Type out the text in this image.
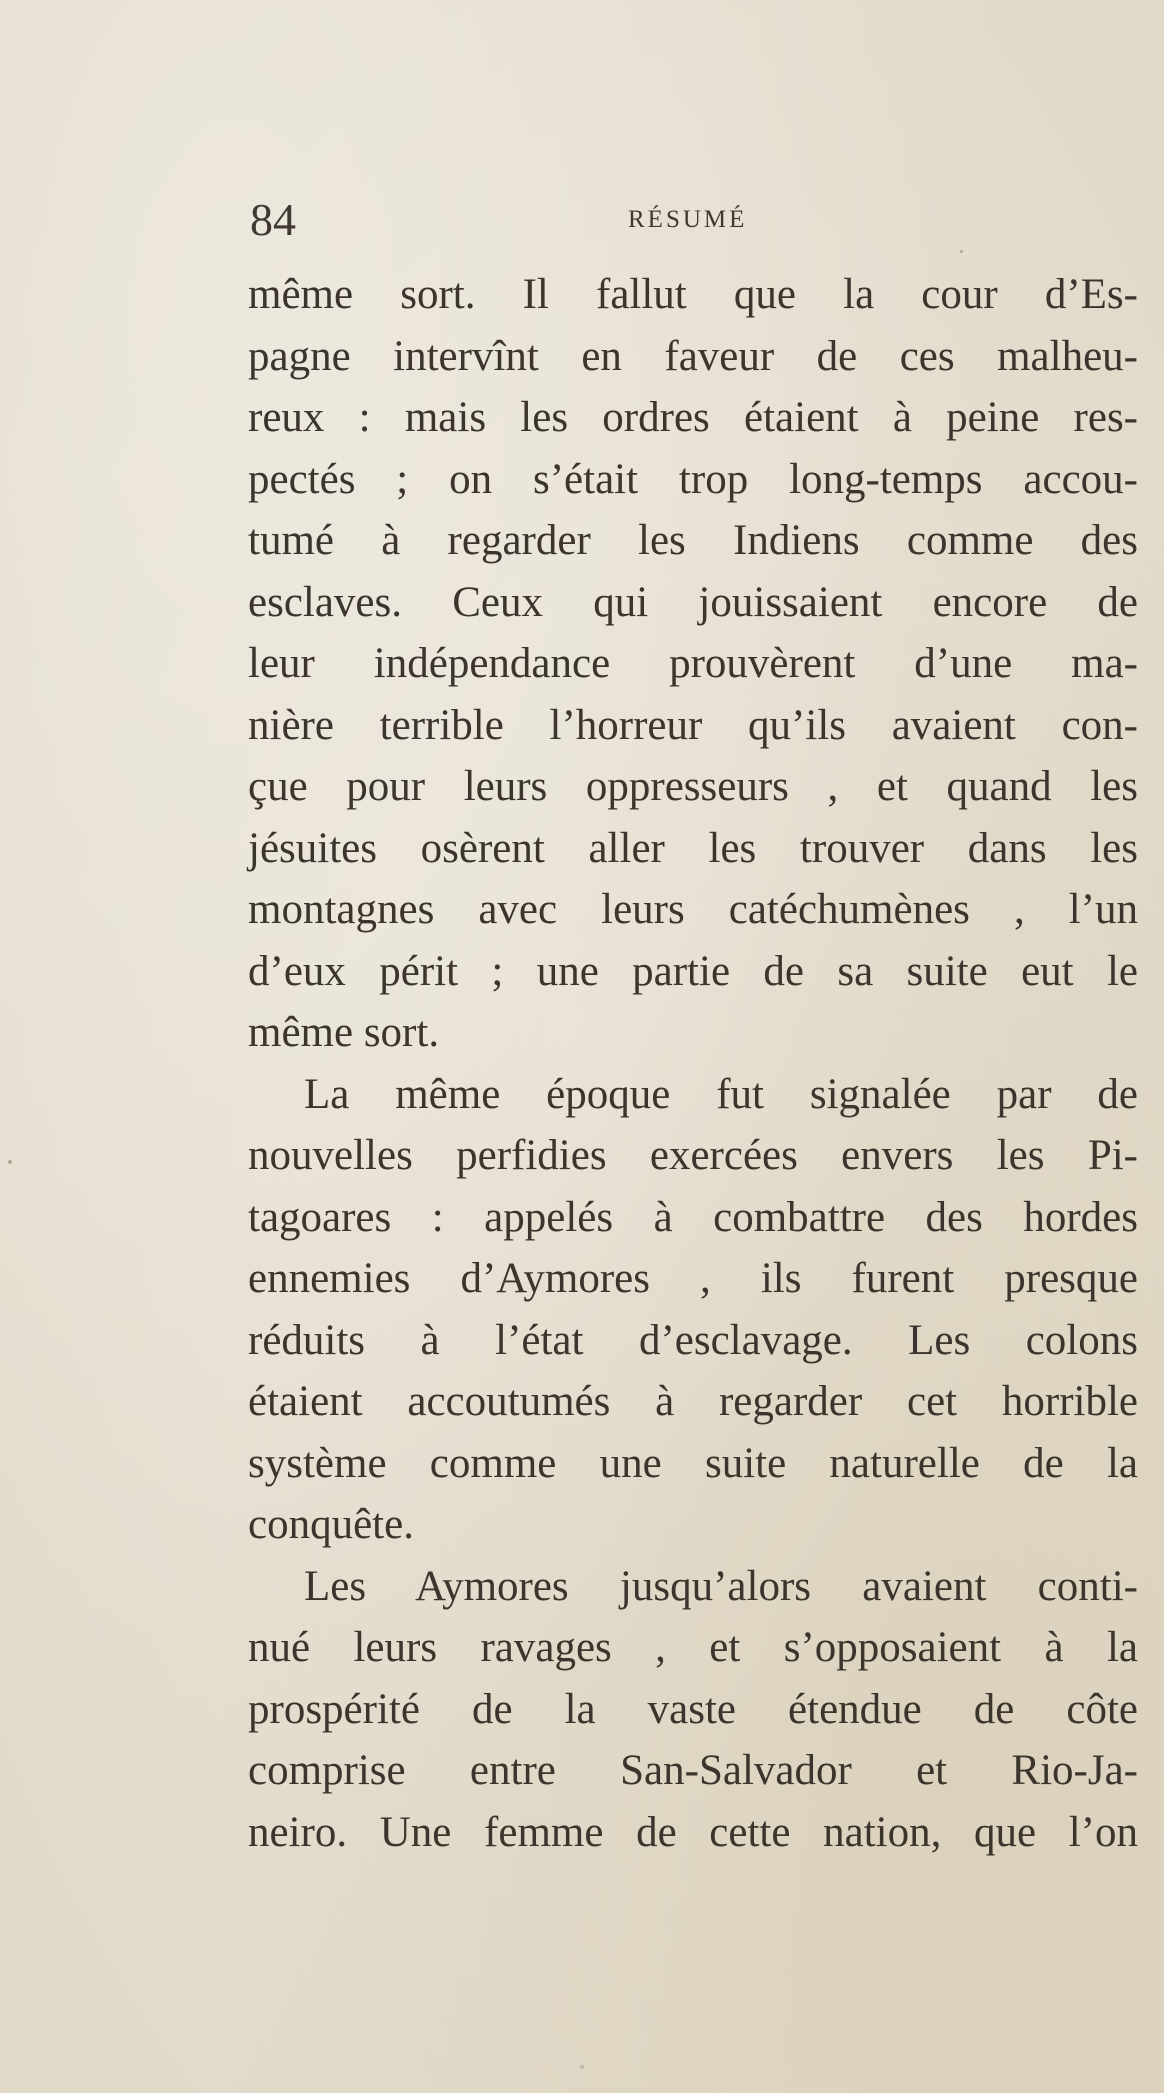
84	RÉSUMÉ
même sort. Il fallut que la cour d’Es-
pagne intervînt en faveur de ces malheu-
reux : mais les ordres étaient à peine res-
pectés ; on s’était trop long-temps accou-
tumé à regarder les Indiens comme des
esclaves. Ceux qui jouissaient encore de
leur indépendance prouvèrent d’une ma-
nière terrible l’horreur qu’ils avaient con-
çue pour leurs oppresseurs , et quand les
jésuites osèrent aller les trouver dans les
montagnes avec leurs catéchumènes , l’un
d’eux périt ; une partie de sa suite eut le
même sort.
La même époque fut signalée par de
nouvelles perfidies exercées envers les Pi-
tagoares : appelés à combattre des hordes
ennemies d’Aymores , ils furent presque
réduits à l’état d’esclavage. Les colons
étaient accoutumés à regarder cet horrible
système comme une suite naturelle de la
conquête.
Les Aymores jusqu’alors avaient conti-
nué leurs ravages , et s’opposaient à la
prospérité de la vaste étendue de côte
comprise entre San-Salvador et Rio-Ja-
neiro. Une femme de cette nation, que l’on
